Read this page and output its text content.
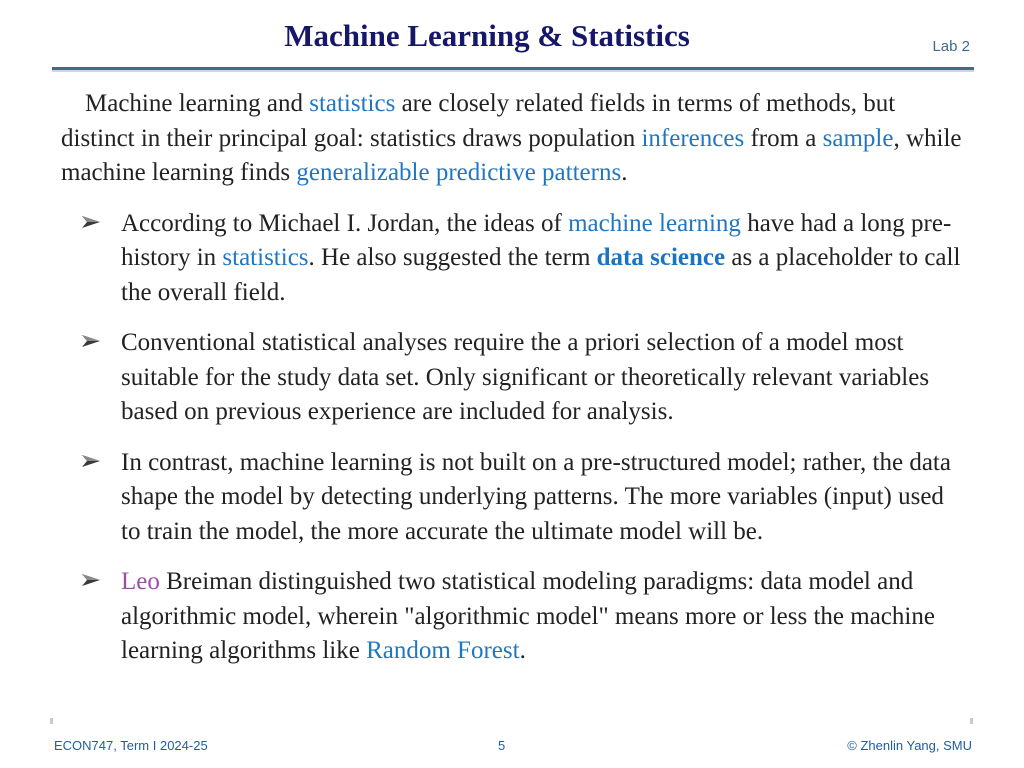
Machine Learning & Statistics	Lab 2

Machine learning and statistics are closely related fields in terms of methods, but distinct in their principal goal: statistics draws population inferences from a sample, while machine learning finds generalizable predictive patterns.

According to Michael I. Jordan, the ideas of machine learning have had a long pre-history in statistics. He also suggested the term data science as a placeholder to call the overall field.
Conventional statistical analyses require the a priori selection of a model most suitable for the study data set. Only significant or theoretically relevant variables based on previous experience are included for analysis.
In contrast, machine learning is not built on a pre-structured model; rather, the data shape the model by detecting underlying patterns. The more variables (input) used to train the model, the more accurate the ultimate model will be.
Leo Breiman distinguished two statistical modeling paradigms: data model and algorithmic model, wherein "algorithmic model" means more or less the machine learning algorithms like Random Forest.
ECON747, Term I 2024-25	5	© Zhenlin Yang, SMU
